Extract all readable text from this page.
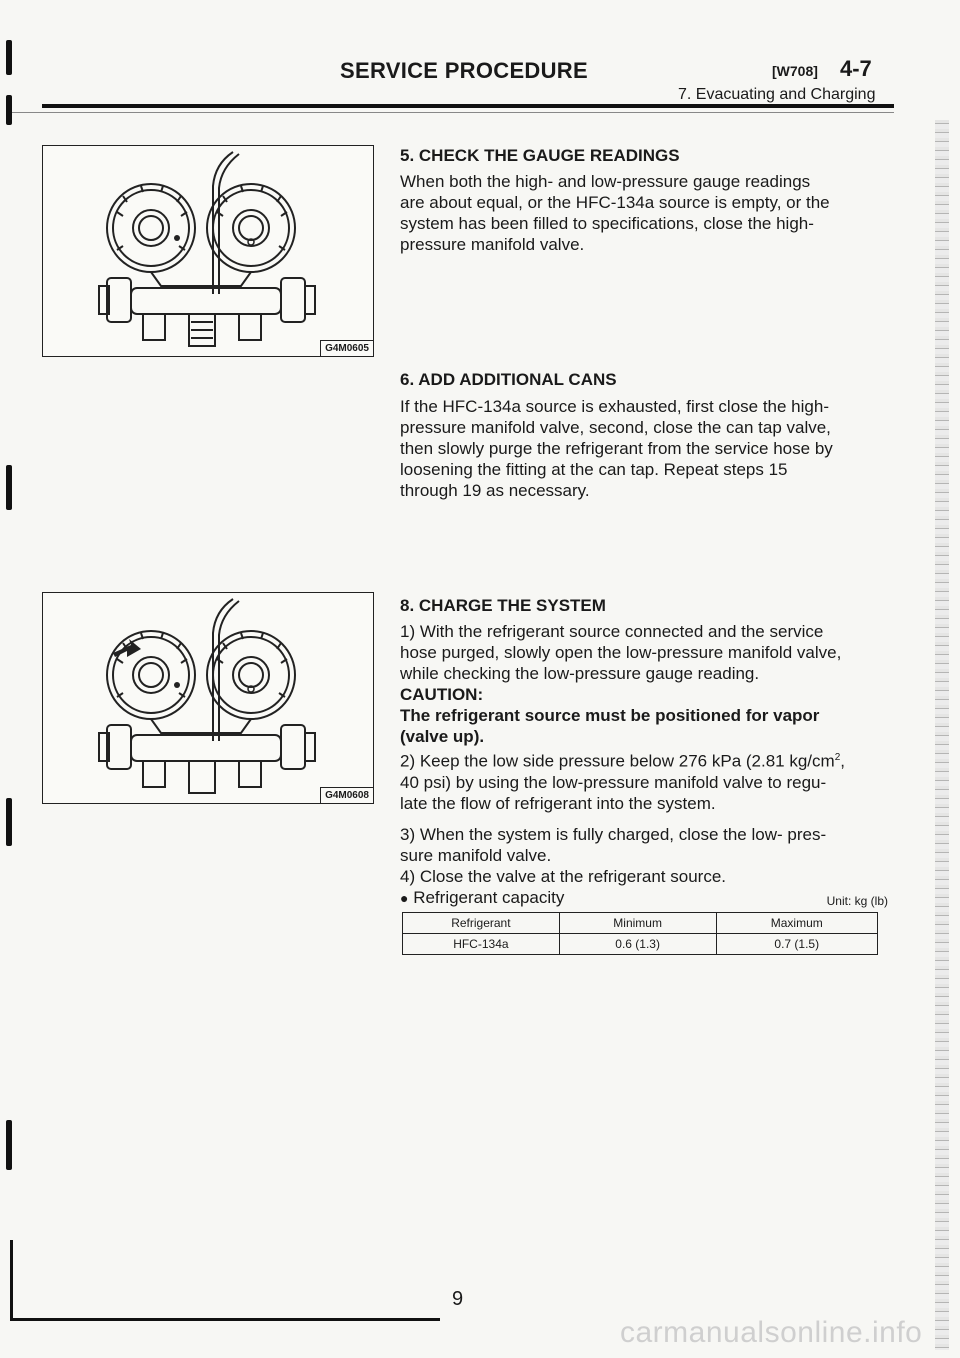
SERVICE PROCEDURE	[W708] 4-7
7. Evacuating and Charging
G4M0605
G4M0608
5. CHECK THE GAUGE READINGS
When both the high- and low-pressure gauge readings
are about equal, or the HFC-134a source is empty, or the
system has been filled to specifications, close the high-
pressure manifold valve.
6. ADD ADDITIONAL CANS
If the HFC-134a source is exhausted, first close the high-
pressure manifold valve, second, close the can tap valve,
then slowly purge the refrigerant from the service hose by
loosening the fitting at the can tap. Repeat steps 15
through 19 as necessary.
8. CHARGE THE SYSTEM
1) With the refrigerant source connected and the service
hose purged, slowly open the low-pressure manifold valve,
while checking the low-pressure gauge reading.
CAUTION:
The refrigerant source must be positioned for vapor
(valve up).
2) Keep the low side pressure below 276 kPa (2.81 $kg/cm^2$,
40 psi) by using the low-pressure manifold valve to regu-
late the flow of refrigerant into the system.
3) When the system is fully charged, close the low- pres-
sure manifold valve.
4) Close the valve at the refrigerant source.
● Refrigerant capacity	Unit: kg (lb)
Refrigerant	Minimum	Maximum
HFC-134a	0.6 (1.3)	0.7 (1.5)
9
carmanualsonline.info
